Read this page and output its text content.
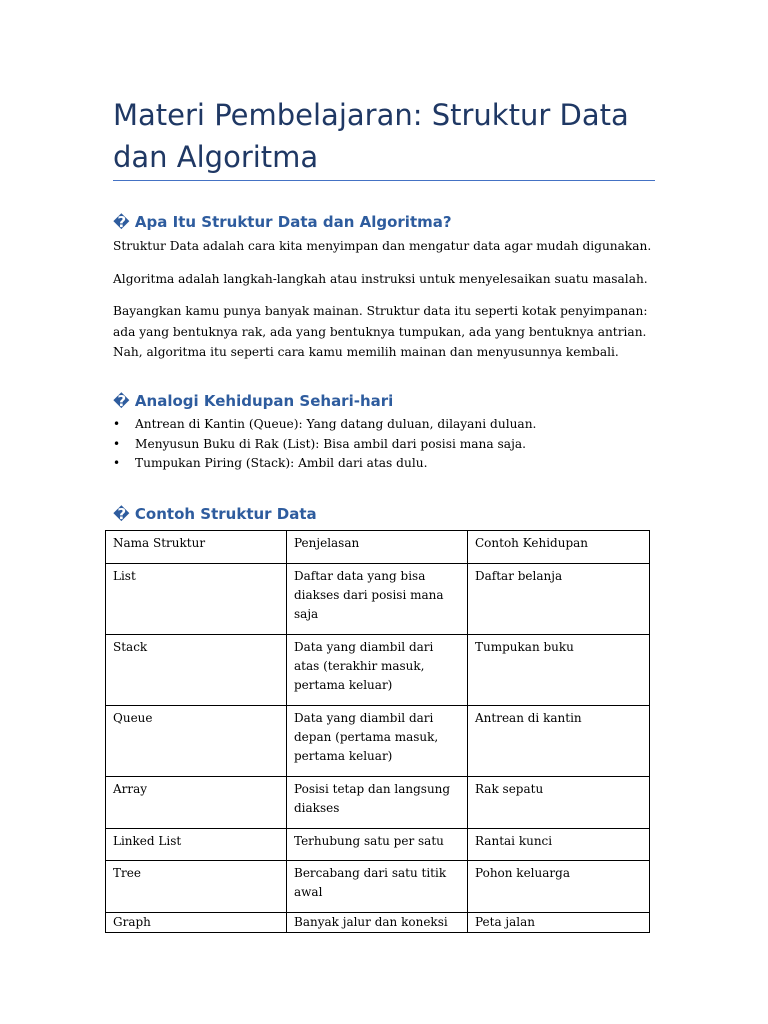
Materi Pembelajaran: Struktur Data dan Algoritma
� Apa Itu Struktur Data dan Algoritma?

Struktur Data adalah cara kita menyimpan dan mengatur data agar mudah digunakan.

Algoritma adalah langkah-langkah atau instruksi untuk menyelesaikan suatu masalah.

Bayangkan kamu punya banyak mainan. Struktur data itu seperti kotak penyimpanan: ada yang bentuknya rak, ada yang bentuknya tumpukan, ada yang bentuknya antrian. Nah, algoritma itu seperti cara kamu memilih mainan dan menyusunnya kembali.

� Analogi Kehidupan Sehari-hari
• Antrean di Kantin (Queue): Yang datang duluan, dilayani duluan.
• Menyusun Buku di Rak (List): Bisa ambil dari posisi mana saja.
• Tumpukan Piring (Stack): Ambil dari atas dulu.
� Contoh Struktur Data
Nama Struktur	Penjelasan	Contoh Kehidupan
List	Daftar data yang bisa diakses dari posisi mana saja	Daftar belanja
Stack	Data yang diambil dari atas (terakhir masuk, pertama keluar)	Tumpukan buku
Queue	Data yang diambil dari depan (pertama masuk, pertama keluar)	Antrean di kantin
Array	Posisi tetap dan langsung diakses	Rak sepatu
Linked List	Terhubung satu per satu	Rantai kunci
Tree	Bercabang dari satu titik awal	Pohon keluarga
Graph	Banyak jalur dan koneksi	Peta jalan
